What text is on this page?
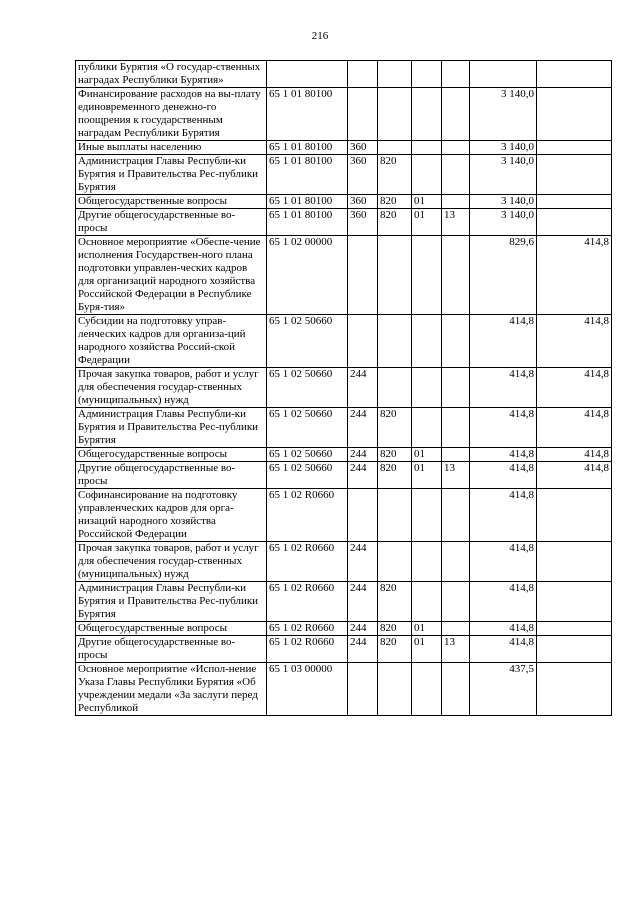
216
публики Бурятия «О государ-ственных наградах Республики Бурятия»							
Финансирование расходов на вы-плату единовременного денежно-го поощрения к государственным наградам Республики Бурятия	65 1 01 80100					3 140,0	
Иные выплаты населению	65 1 01 80100	360				3 140,0	
Администрация Главы Республи-ки Бурятия и Правительства Рес-публики Бурятия	65 1 01 80100	360	820			3 140,0	
Общегосударственные вопросы	65 1 01 80100	360	820	01		3 140,0	
Другие общегосударственные во-просы	65 1 01 80100	360	820	01	13	3 140,0	
Основное мероприятие «Обеспе-чение исполнения Государствен-ного плана подготовки управлен-ческих кадров для организаций народного хозяйства Российской Федерации в Республике Буря-тия»	65 1 02 00000					829,6	414,8
Субсидии на подготовку управ-ленческих кадров для организа-ций народного хозяйства Россий-ской Федерации	65 1 02 50660					414,8	414,8
Прочая закупка товаров, работ и услуг для обеспечения государ-ственных (муниципальных) нужд	65 1 02 50660	244				414,8	414,8
Администрация Главы Республи-ки Бурятия и Правительства Рес-публики Бурятия	65 1 02 50660	244	820			414,8	414,8
Общегосударственные вопросы	65 1 02 50660	244	820	01		414,8	414,8
Другие общегосударственные во-просы	65 1 02 50660	244	820	01	13	414,8	414,8
Софинансирование на подготовку управленческих кадров для орга-низаций народного хозяйства Российской Федерации	65 1 02 R0660					414,8	
Прочая закупка товаров, работ и услуг для обеспечения государ-ственных (муниципальных) нужд	65 1 02 R0660	244				414,8	
Администрация Главы Республи-ки Бурятия и Правительства Рес-публики Бурятия	65 1 02 R0660	244	820			414,8	
Общегосударственные вопросы	65 1 02 R0660	244	820	01		414,8	
Другие общегосударственные во-просы	65 1 02 R0660	244	820	01	13	414,8	
Основное мероприятие «Испол-нение Указа Главы Республики Бурятия «Об учреждении медали «За заслуги перед Республикой	65 1 03 00000					437,5	
